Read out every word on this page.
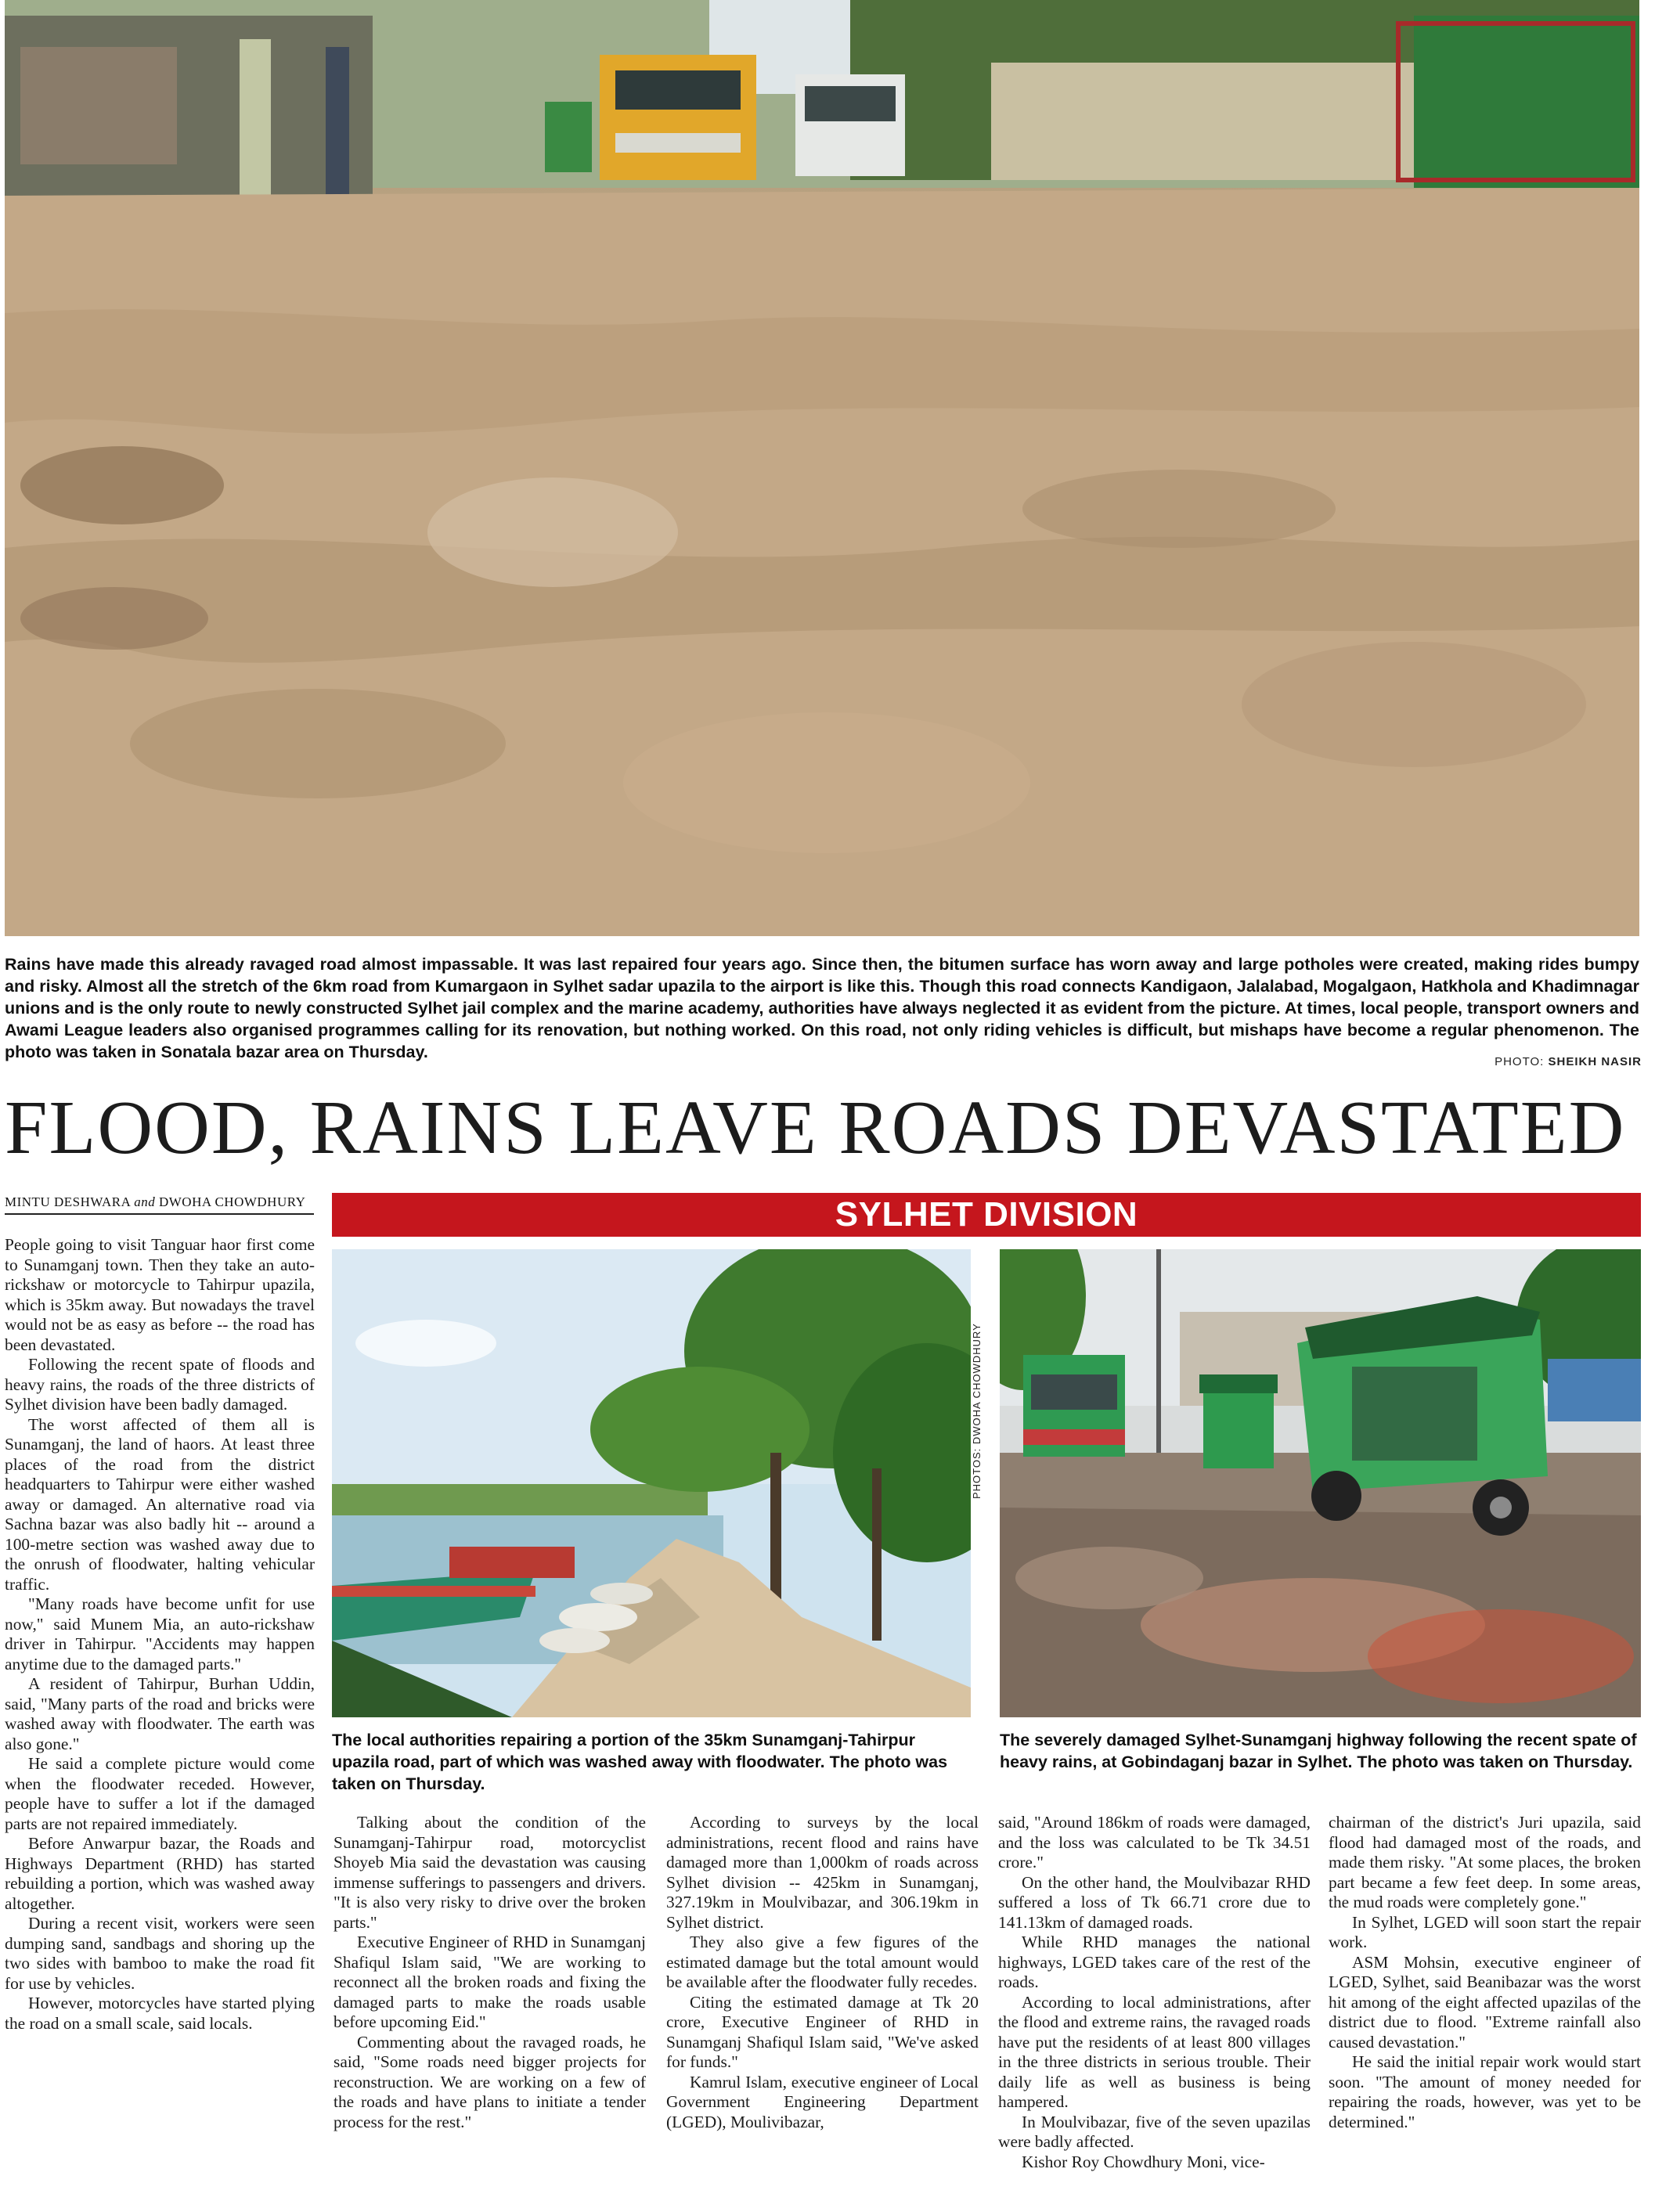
Rains have made this already ravaged road almost impassable. It was last repaired four years ago. Since then, the bitumen surface has worn away and large potholes were created, making rides bumpy and risky. Almost all the stretch of the 6km road from Kumargaon in Sylhet sadar upazila to the airport is like this. Though this road connects Kandigaon, Jalalabad, Mogalgaon, Hatkhola and Khadimnagar unions and is the only route to newly constructed Sylhet jail complex and the marine academy, authorities have always neglected it as evident from the picture. At times, local people, transport owners and Awami League leaders also organised programmes calling for its renovation, but nothing worked. On this road, not only riding vehicles is difficult, but mishaps have become a regular phenomenon. The photo was taken in Sonatala bazar area on Thursday.
PHOTO: SHEIKH NASIR
FLOOD, RAINS LEAVE ROADS DEVASTATED
MINTU DESHWARA and DWOHA CHOWDHURY	SYLHET DIVISION

People going to visit Tanguar haor first come to Sunamganj town. Then they take an auto-rickshaw or motorcycle to Tahirpur upazila, which is 35km away. But nowadays the travel would not be as easy as before -- the road has been devastated.

Following the recent spate of floods and heavy rains, the roads of the three districts of Sylhet division have been badly damaged.

The worst affected of them all is Sunamganj, the land of haors. At least three places of the road from the district headquarters to Tahirpur were either washed away or damaged. An alternative road via Sachna bazar was also badly hit -- around a 100-metre section was washed away due to the onrush of floodwater, halting vehicular traffic.

"Many roads have become unfit for use now," said Munem Mia, an auto-rickshaw driver in Tahirpur. "Accidents may happen anytime due to the damaged parts."

A resident of Tahirpur, Burhan Uddin, said, "Many parts of the road and bricks were washed away with floodwater. The earth was also gone."

He said a complete picture would come when the floodwater receded. However, people have to suffer a lot if the damaged parts are not repaired immediately.

Before Anwarpur bazar, the Roads and Highways Department (RHD) has started rebuilding a portion, which was washed away altogether.

During a recent visit, workers were seen dumping sand, sandbags and shoring up the two sides with bamboo to make the road fit for use by vehicles.

However, motorcycles have started plying the road on a small scale, said locals.

PHOTOS: DWOHA CHOWDHURY
The local authorities repairing a portion of the 35km Sunamganj-Tahirpur upazila road, part of which was washed away with floodwater. The photo was taken on Thursday.
The severely damaged Sylhet-Sunamganj highway following the recent spate of heavy rains, at Gobindaganj bazar in Sylhet. The photo was taken on Thursday.

Talking about the condition of the Sunamganj-Tahirpur road, motorcyclist Shoyeb Mia said the devastation was causing immense sufferings to passengers and drivers. "It is also very risky to drive over the broken parts."

Executive Engineer of RHD in Sunamganj Shafiqul Islam said, "We are working to reconnect all the broken roads and fixing the damaged parts to make the roads usable before upcoming Eid."

Commenting about the ravaged roads, he said, "Some roads need bigger projects for reconstruction. We are working on a few of the roads and have plans to initiate a tender process for the rest."

According to surveys by the local administrations, recent flood and rains have damaged more than 1,000km of roads across Sylhet division -- 425km in Sunamganj, 327.19km in Moulvibazar, and 306.19km in Sylhet district.

They also give a few figures of the estimated damage but the total amount would be available after the floodwater fully recedes.

Citing the estimated damage at Tk 20 crore, Executive Engineer of RHD in Sunamganj Shafiqul Islam said, "We've asked for funds."

Kamrul Islam, executive engineer of Local Government Engineering Department (LGED), Moulivibazar,

said, "Around 186km of roads were damaged, and the loss was calculated to be Tk 34.51 crore."

On the other hand, the Moulvibazar RHD suffered a loss of Tk 66.71 crore due to 141.13km of damaged roads.

While RHD manages the national highways, LGED takes care of the rest of the roads.

According to local administrations, after the flood and extreme rains, the ravaged roads have put the residents of at least 800 villages in the three districts in serious trouble. Their daily life as well as business is being hampered.

In Moulvibazar, five of the seven upazilas were badly affected.

Kishor Roy Chowdhury Moni, vice-

chairman of the district's Juri upazila, said flood had damaged most of the roads, and made them risky. "At some places, the broken part became a few feet deep. In some areas, the mud roads were completely gone."

In Sylhet, LGED will soon start the repair work.

ASM Mohsin, executive engineer of LGED, Sylhet, said Beanibazar was the worst hit among of the eight affected upazilas of the district due to flood. "Extreme rainfall also caused devastation."

He said the initial repair work would start soon. "The amount of money needed for repairing the roads, however, was yet to be determined."
